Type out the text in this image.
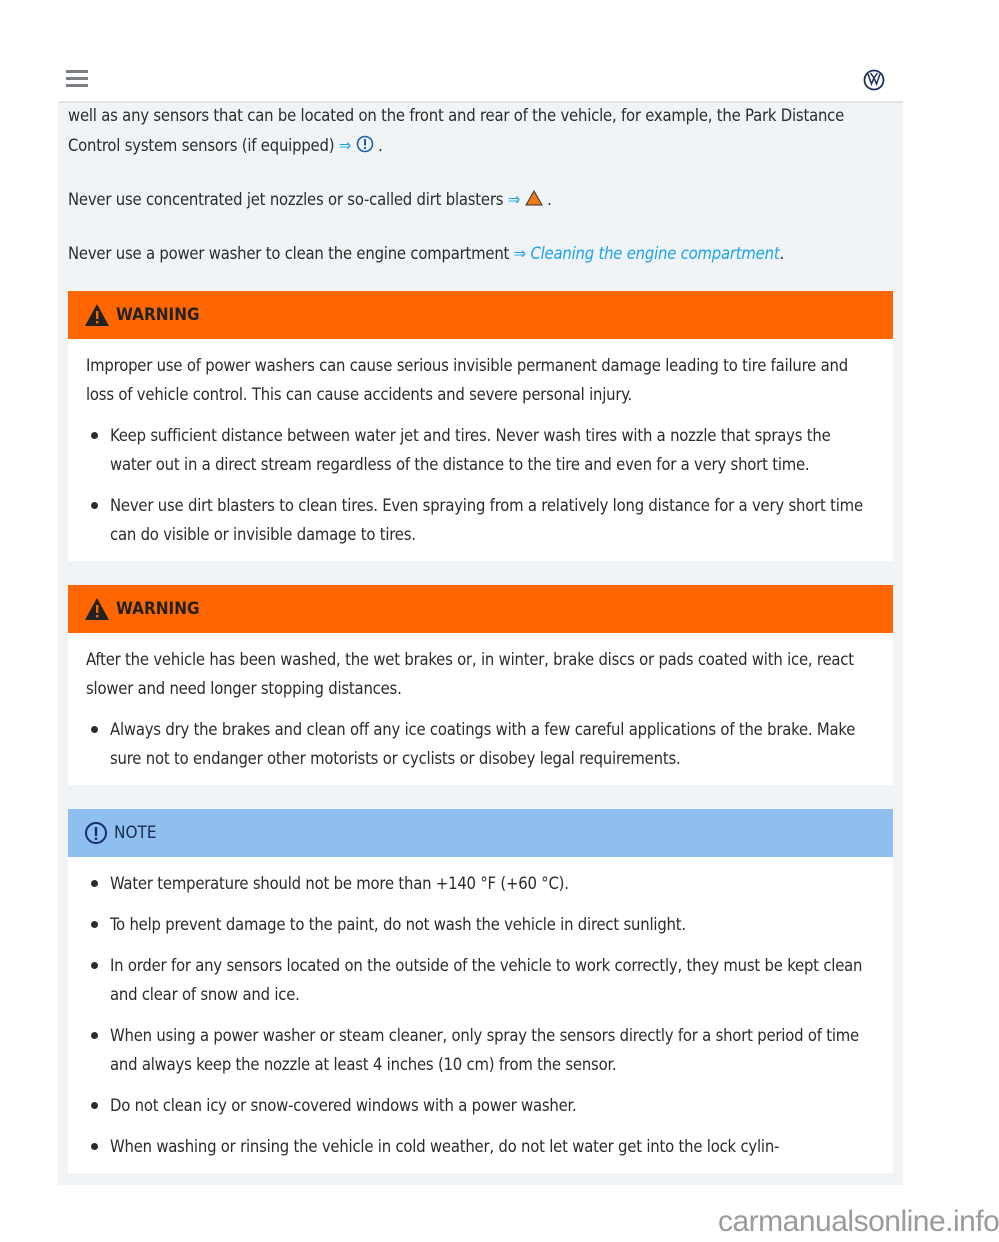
well as any sensors that can be located on the front and rear of the vehicle, for example, the Park Distance Control system sensors (if equipped) ⇒ .

Never use concentrated jet nozzles or so-called dirt blasters ⇒ .

Never use a power washer to clean the engine compartment ⇒ Cleaning the engine compartment.

WARNING
Improper use of power washers can cause serious invisible permanent damage leading to tire failure and loss of vehicle control. This can cause accidents and severe personal injury.
Keep sufficient distance between water jet and tires. Never wash tires with a nozzle that sprays the water out in a direct stream regardless of the distance to the tire and even for a very short time.
Never use dirt blasters to clean tires. Even spraying from a relatively long distance for a very short time can do visible or invisible damage to tires.
WARNING
After the vehicle has been washed, the wet brakes or, in winter, brake discs or pads coated with ice, react slower and need longer stopping distances.
Always dry the brakes and clean off any ice coatings with a few careful applications of the brake. Make sure not to endanger other motorists or cyclists or disobey legal requirements.
NOTE
Water temperature should not be more than +140 °F (+60 °C).
To help prevent damage to the paint, do not wash the vehicle in direct sunlight.
In order for any sensors located on the outside of the vehicle to work correctly, they must be kept clean and clear of snow and ice.
When using a power washer or steam cleaner, only spray the sensors directly for a short period of time and always keep the nozzle at least 4 inches (10 cm) from the sensor.
Do not clean icy or snow-covered windows with a power washer.
When washing or rinsing the vehicle in cold weather, do not let water get into the lock cylin-
carmanualsonline.info
